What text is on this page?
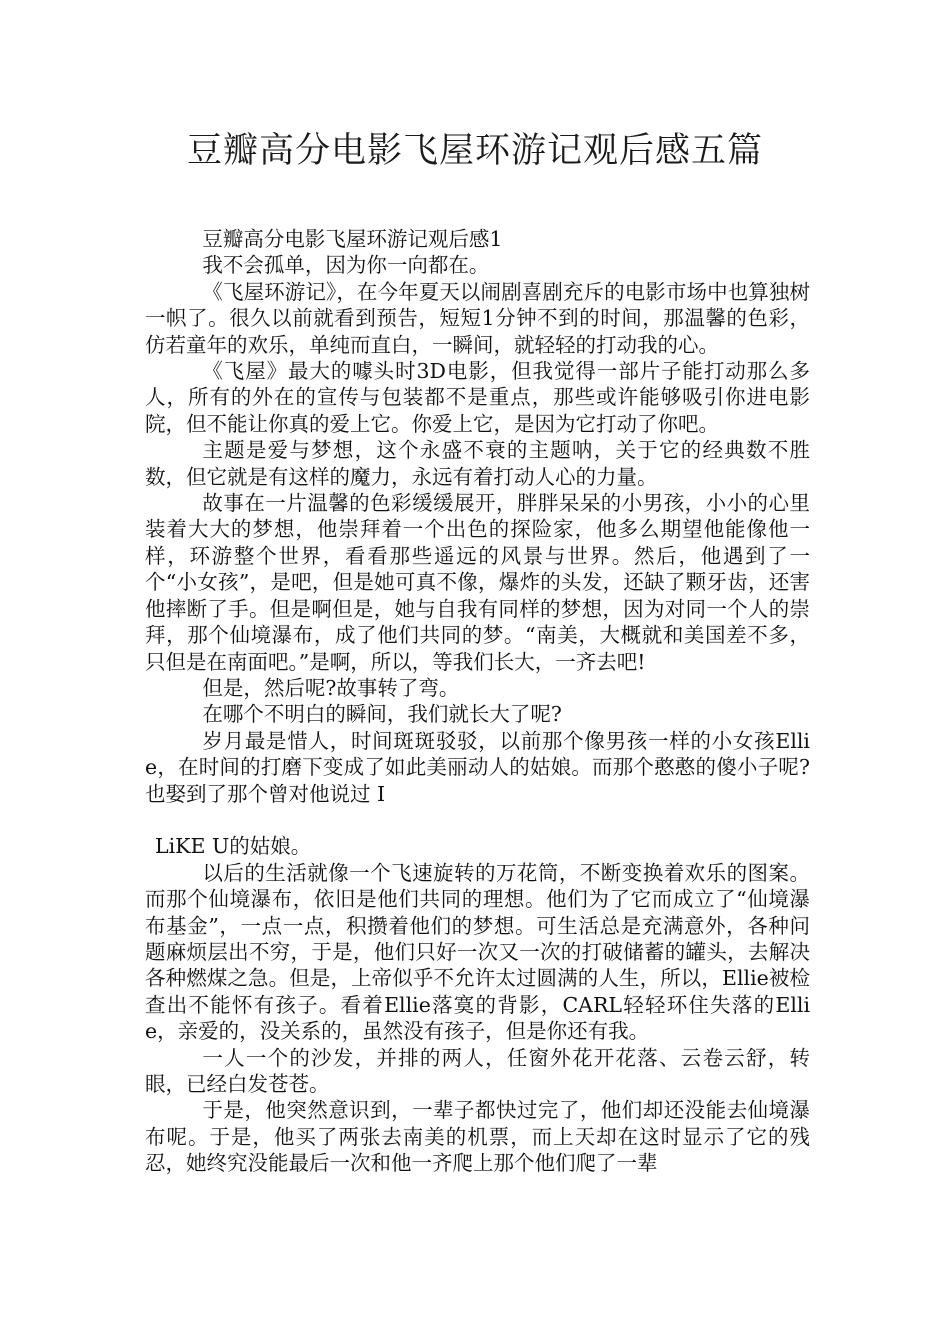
豆瓣高分电影飞屋环游记观后感五篇

豆瓣高分电影飞屋环游记观后感1

我不会孤单，因为你一向都在。

《飞屋环游记》，在今年夏天以闹剧喜剧充斥的电影市场中也算独树一帜了。很久以前就看到预告，短短1分钟不到的时间，那温馨的色彩，仿若童年的欢乐，单纯而直白，一瞬间，就轻轻的打动我的心。

《飞屋》最大的噱头时3D电影，但我觉得一部片子能打动那么多人，所有的外在的宣传与包装都不是重点，那些或许能够吸引你进电影院，但不能让你真的爱上它。你爱上它，是因为它打动了你吧。

主题是爱与梦想，这个永盛不衰的主题呐，关于它的经典数不胜数，但它就是有这样的魔力，永远有着打动人心的力量。

故事在一片温馨的色彩缓缓展开，胖胖呆呆的小男孩，小小的心里装着大大的梦想，他崇拜着一个出色的探险家，他多么期望他能像他一样，环游整个世界，看看那些遥远的风景与世界。然后，他遇到了一个“小女孩”，是吧，但是她可真不像，爆炸的头发，还缺了颗牙齿，还害他摔断了手。但是啊但是，她与自我有同样的梦想，因为对同一个人的崇拜，那个仙境瀑布，成了他们共同的梦。“南美，大概就和美国差不多，只但是在南面吧。”是啊，所以，等我们长大，一齐去吧!

但是，然后呢?故事转了弯。

在哪个不明白的瞬间，我们就长大了呢?

岁月最是惜人，时间斑斑驳驳，以前那个像男孩一样的小女孩Ellie，在时间的打磨下变成了如此美丽动人的姑娘。而那个憨憨的傻小子呢?也娶到了那个曾对他说过 I

LiKE U的姑娘。

以后的生活就像一个飞速旋转的万花筒，不断变换着欢乐的图案。而那个仙境瀑布，依旧是他们共同的理想。他们为了它而成立了“仙境瀑布基金”，一点一点，积攒着他们的梦想。可生活总是充满意外，各种问题麻烦层出不穷，于是，他们只好一次又一次的打破储蓄的罐头，去解决各种燃煤之急。但是，上帝似乎不允许太过圆满的人生，所以，Ellie被检查出不能怀有孩子。看着Ellie落寞的背影，CARL轻轻环住失落的Ellie，亲爱的，没关系的，虽然没有孩子，但是你还有我。

一人一个的沙发，并排的两人，任窗外花开花落、云卷云舒，转眼，已经白发苍苍。

于是，他突然意识到，一辈子都快过完了，他们却还没能去仙境瀑布呢。于是，他买了两张去南美的机票，而上天却在这时显示了它的残忍，她终究没能最后一次和他一齐爬上那个他们爬了一辈
